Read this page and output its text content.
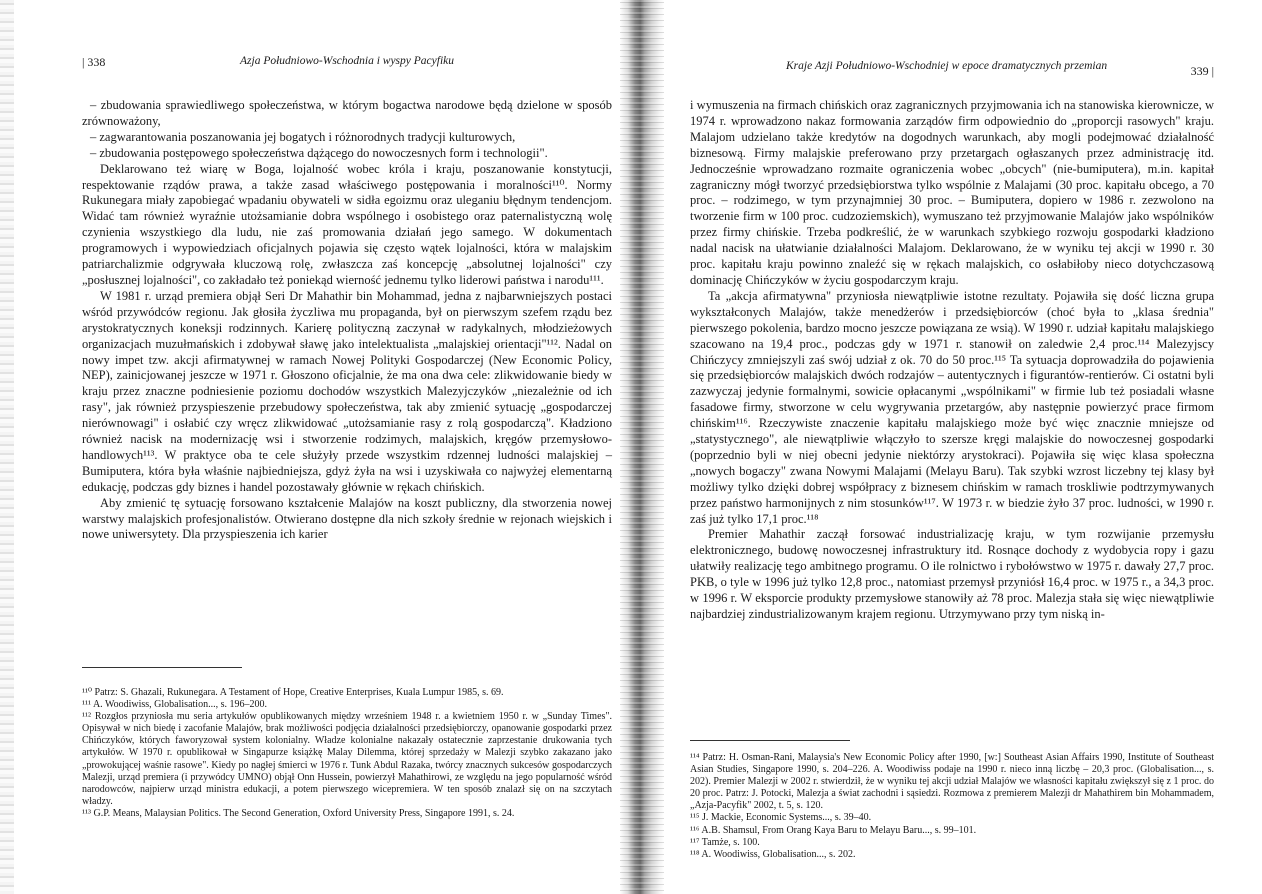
| 338	Azja Południowo-Wschodnia i wyspy Pacyfiku

– zbudowania sprawiedliwego społeczeństwa, w którym bogactwa narodowe będą dzielone w sposób zrównoważony,

– zagwarantowania poszanowania jej bogatych i różnorodnych tradycji kulturowych,

– zbudowania postępowego społeczeństwa dążącego do nowoczesnych form i technologii".

Deklarowano też wiarę w Boga, lojalność wobec króla i kraju, poszanowanie konstytucji, respektowanie rządów prawa, a także zasad właściwego postępowania i moralności¹¹⁰. Normy Rukunegara miały zapobiegać wpadaniu obywateli w sidła egoizmu oraz uleganiu błędnym tendencjom. Widać tam również wyraźnie utożsamianie dobra wspólnego i osobistego oraz paternalistyczną wolę czynienia wszystkiego dla ludu, nie zaś promowania działań jego samego. W dokumentach programowych i wypowiedziach oficjalnych pojawia się często wątek lojalności, która w malajskim patriarchalizmie odgrywała kluczową rolę, zwłaszcza zaś koncepcję „absolutnej lojalności" czy „posłusznej lojalności", co zakładało też poniekąd wierność jednemu tylko liderowi państwa i narodu¹¹¹.

W 1981 r. urząd premiera objął Seri Dr Mahathir bin Mohammad, jedna z najbarwniejszych postaci wśród przywódców regionu. Jak głosiła życzliwa mu propaganda, był on pierwszym szefem rządu bez arystokratycznych koneksji rodzinnych. Karierę polityczną zaczynał w radykalnych, młodzieżowych organizacjach muzułmańskich i zdobywał sławę jako intelektualista „malajskiej orientacji"¹¹². Nadal on nowy impet tzw. akcji afirmatywnej w ramach Nowej Polityki Gospodarczej (New Economic Policy, NEP), zainicjowanej jeszcze w 1971 r. Głoszono oficjalnie, że ma ona dwa cele: zlikwidowanie biedy w kraju przez znaczne podniesienie poziomu dochodów wszystkich Malezyjczyków „niezależnie od ich rasy", jak również przyspieszenie przebudowy społeczeństwa, tak aby zmienić sytuację „gospodarczej nierównowagi" i osłabić czy wręcz zlikwidować „utożsamianie rasy z rolą gospodarczą". Kładziono również nacisk na modernizację wsi i stworzenie rodzimych, malajskich, kręgów przemysłowo-handlowych¹¹³. W praktyce oba te cele służyły przede wszystkim rdzennej ludności malajskiej – Bumiputera, która była właśnie najbiedniejsza, gdyż żyła na wsi i uzyskiwała co najwyżej elementarną edukację, podczas gdy biznes i handel pozostawały głównie w rękach chińskich.

Aby zmienić tę sytuację forsowano kształcenie Malajów na koszt publiczny, dla stworzenia nowej warstwy malajskich profesjonalistów. Otwierano dostępne dla nich szkoły średnie w rejonach wiejskich i nowe uniwersytety. Dla przyspieszenia ich karier

¹¹⁰ Patrz: S. Ghazali, Rukunegara. A Testament of Hope, Creative Enterprises, Kuala Lumpur 1985, s. 69.

¹¹¹ A. Woodiwiss, Globalisation..., s. 196–200.

¹¹² Rozgłos przyniosła mu seria artykułów opublikowanych między wrześniem 1948 r. a kwietniem 1950 r. w „Sunday Times". Opisywał w nich biedę i zacofanie Malajów, brak możliwości podjęcia działalności przedsiębiorczy, opanowanie gospodarki przez Chińczyków, których faworyzował system kolonialny. Władze kolonialne nakazały ostatecznie zaprzestanie drukowania tych artykułów. W 1970 r. opublikował w Singapurze książkę Malay Dilemma, której sprzedaży w Malezji szybko zakazano jako „prowokującej waśnie rasowe". Kiedy po nagłej śmierci w 1976 r. Tunk Abdul Razaka, twórcy znacznych sukcesów gospodarczych Malezji, urząd premiera (i przywódcy UMNO) objął Onn Hussein, powierzył Mahathirowi, ze względu na jego popularność wśród narodowców, najpierw urząd ministra edukacji, a potem pierwszego wicepremiera. W ten sposób znalazł się on na szczytach władzy.

¹¹³ G.P. Means, Malaysian Politics. The Second Generation, Oxford University Press, Singapore 1991, s. 24.

Kraje Azji Południowo-Wschodniej w epoce dramatycznych przemian	339 |

i wymuszenia na firmach chińskich oraz zagranicznych przyjmowania ich na stanowiska kierownicze, w 1974 r. wprowadzono nakaz formowania zarządów firm odpowiednio do „proporcji rasowych" kraju. Malajom udzielano także kredytów na dogodnych warunkach, aby mogli podejmować działalność biznesową. Firmy malajskie preferowano przy przetargach ogłaszanych przez administrację itd. Jednocześnie wprowadzano rozmaite ograniczenia wobec „obcych" (nie-bumiputera), m.in. kapitał zagraniczny mógł tworzyć przedsiębiorstwa tylko wspólnie z Malajami (30 proc. kapitału obcego, a 70 proc. – rodzimego, w tym przynajmniej 30 proc. – Bumiputera, dopiero w 1986 r. zezwolono na tworzenie firm w 100 proc. cudzoziemskich), wymuszano też przyjmowanie Malajów jako wspólników przez firmy chińskie. Trzeba podkreślić, że w warunkach szybkiego rozwoju gospodarki kładziono nadal nacisk na ułatwianie działalności Malajom. Deklarowano, że w wyniku tej akcji w 1990 r. 30 proc. kapitału kraju powinno znaleźć się w rękach malajskich, co osłabiłoby nieco dotychczasową dominację Chińczyków w życiu gospodarczym kraju.

Ta „akcja afirmatywna" przyniosła niewątpliwie istotne rezultaty. Pojawiła się dość liczna grupa wykształconych Malajów, także menedżerów i przedsiębiorców (choć była to „klasa średnia" pierwszego pokolenia, bardzo mocno jeszcze powiązana ze wsią). W 1990 r. udział kapitału malajskiego szacowano na 19,4 proc., podczas gdy w 1971 r. stanowił on zaledwie 2,4 proc.¹¹⁴ Malezyjscy Chińczycy zmniejszyli zaś swój udział z ok. 70 do 50 proc.¹¹⁵ Ta sytuacja doprowadziła do pojawienia się przedsiębiorców malajskich dwóch rodzajów – autentycznych i figurantów-rentierów. Ci ostatni byli zazwyczaj jedynie formalnymi, sowicie opłacanymi „wspólnikami" w firmie lub też posiadali własne fasadowe firmy, stworzone w celu wygrywania przetargów, aby następnie powierzyć prace firmom chińskim¹¹⁶. Rzeczywiste znaczenie kapitału malajskiego może być więc znacznie mniejsze od „statystycznego", ale niewątpliwie włączyło to szersze kręgi malajskie do nowoczesnej gospodarki (poprzednio byli w niej obecni jedynie niektórzy arystokraci). Pojawiła się więc klasa społeczna „nowych bogaczy" zwana Nowymi Malajami (Melayu Baru). Tak szybki wzrost liczebny tej klasy był możliwy tylko dzięki dobrej współpracy z biznesem chińskim w ramach troskliwie podtrzymywanych przez państwo harmonijnych z nim stosunków¹¹⁷. W 1973 r. w biedzie żyło 37 proc. ludności, w 1990 r. zaś już tylko 17,1 proc.¹¹⁸

Premier Mahathir zaczął forsować industrializację kraju, w tym rozwijanie przemysłu elektronicznego, budowę nowoczesnej infrastruktury itd. Rosnące dochody z wydobycia ropy i gazu ułatwiły realizację tego ambitnego programu. O ile rolnictwo i rybołówstwo w 1975 r. dawały 27,7 proc. PKB, o tyle w 1996 już tylko 12,8 proc., natomiast przemysł przyniósł 16,4 proc. w 1975 r., a 34,3 proc. w 1996 r. W eksporcie produkty przemysłowe stanowiły aż 78 proc. Malezja stała się więc niewątpliwie najbardziej zindustrializowanym krajem regionu. Utrzymywano przy tym niską in-

¹¹⁴ Patrz: H. Osman-Rani, Malaysia's New Economic Policy after 1990, [w:] Southeast Asian Affairs 1990, Institute of Southeast Asian Studies, Singapore 1990, s. 204–226. A. Woodiwiss podaje na 1990 r. nieco inną liczbę – 20,3 proc. (Globalisation..., s. 202). Premier Malezji w 2002 r. stwierdził, że w wyniku tej akcji udział Malajów we własności kapitału zwiększył się z 1 proc. do 20 proc. Patrz: J. Potocki, Malezja a świat zachodni i sąsiedzi. Rozmowa z premierem Malezji dr Mahathirem bin Mohammadem, „Azja-Pacyfik" 2002, t. 5, s. 120.

¹¹⁵ J. Mackie, Economic Systems..., s. 39–40.

¹¹⁶ A.B. Shamsul, From Orang Kaya Baru to Melayu Baru..., s. 99–101.

¹¹⁷ Tamże, s. 100.

¹¹⁸ A. Woodiwiss, Globalisation..., s. 202.
